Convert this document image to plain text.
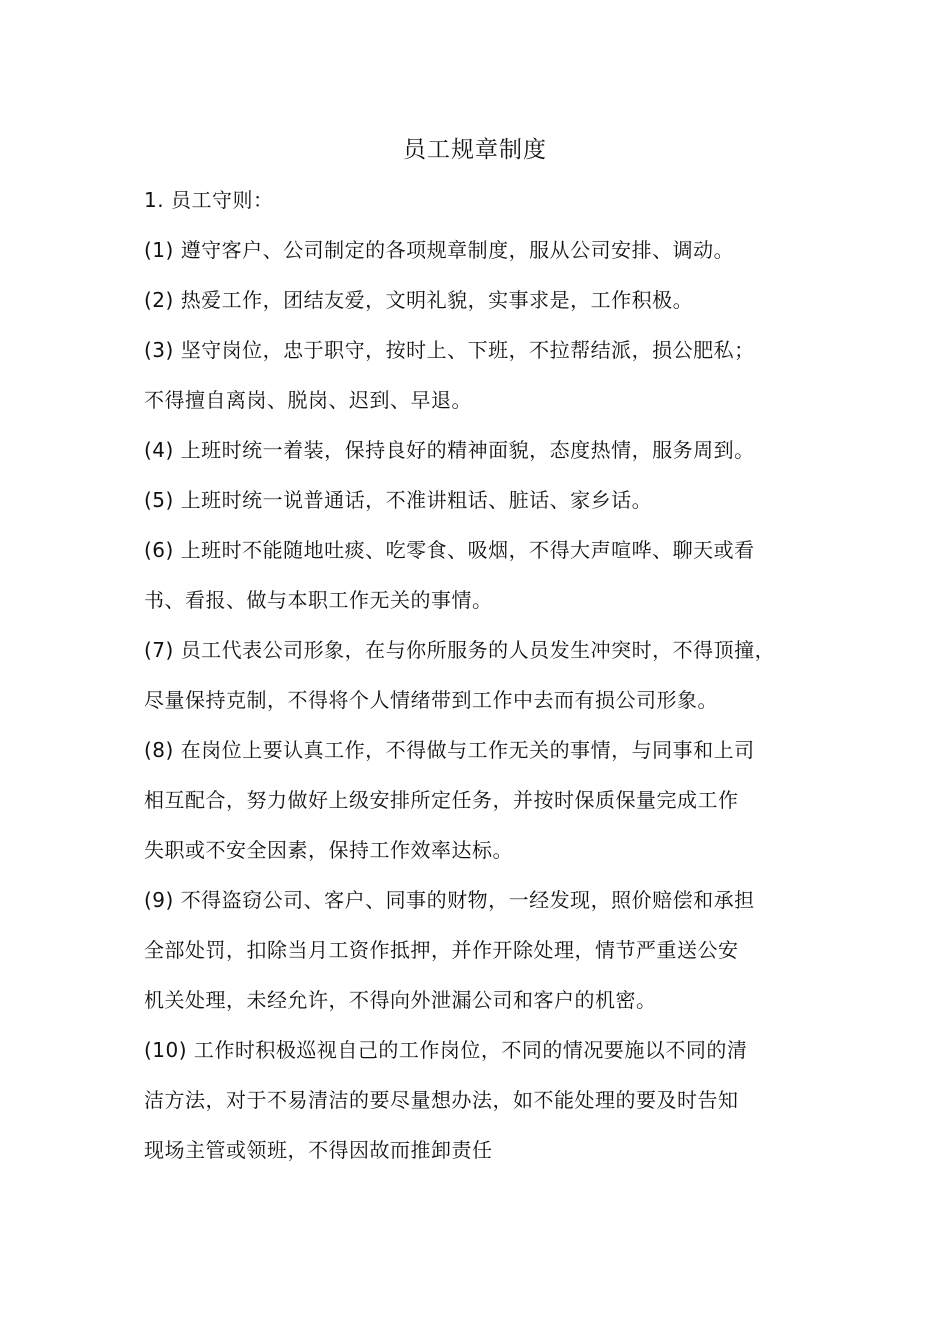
员工规章制度
1. 员工守则：
(1) 遵守客户、公司制定的各项规章制度，服从公司安排、调动。
(2) 热爱工作，团结友爱，文明礼貌，实事求是，工作积极。
(3) 坚守岗位，忠于职守，按时上、下班，不拉帮结派，损公肥私；
不得擅自离岗、脱岗、迟到、早退。
(4) 上班时统一着装，保持良好的精神面貌，态度热情，服务周到。
(5) 上班时统一说普通话，不准讲粗话、脏话、家乡话。
(6) 上班时不能随地吐痰、吃零食、吸烟，不得大声喧哗、聊天或看
书、看报、做与本职工作无关的事情。
(7) 员工代表公司形象，在与你所服务的人员发生冲突时，不得顶撞，
尽量保持克制，不得将个人情绪带到工作中去而有损公司形象。
(8) 在岗位上要认真工作，不得做与工作无关的事情，与同事和上司
相互配合，努力做好上级安排所定任务，并按时保质保量完成工作
失职或不安全因素，保持工作效率达标。
(9) 不得盗窃公司、客户、同事的财物，一经发现，照价赔偿和承担
全部处罚，扣除当月工资作抵押，并作开除处理，情节严重送公安
机关处理，未经允许，不得向外泄漏公司和客户的机密。
(10) 工作时积极巡视自己的工作岗位，不同的情况要施以不同的清
洁方法，对于不易清洁的要尽量想办法，如不能处理的要及时告知
现场主管或领班，不得因故而推卸责任
